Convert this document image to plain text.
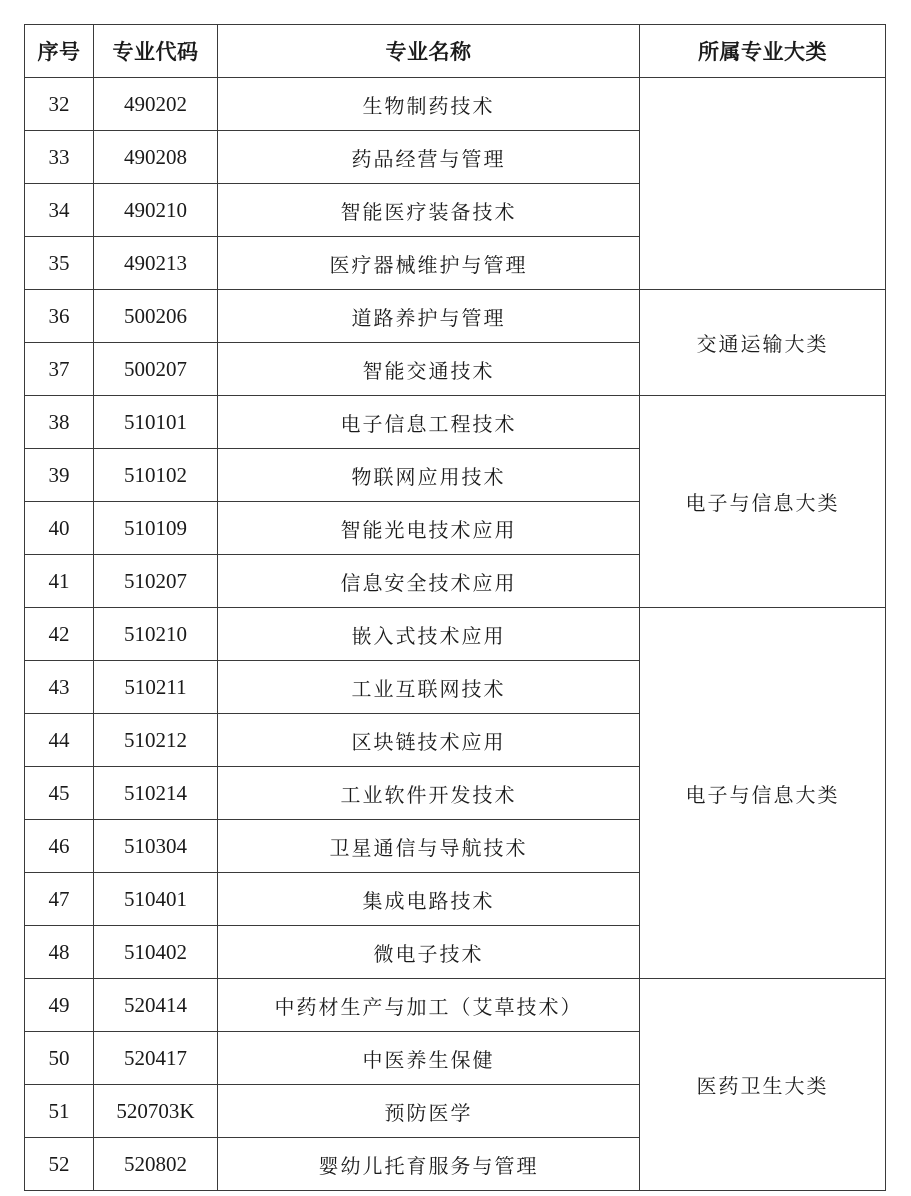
序号	专业代码	专业名称	所属专业大类
32	490202	生物制药技术	
33	490208	药品经营与管理	
34	490210	智能医疗装备技术	
35	490213	医疗器械维护与管理	
36	500206	道路养护与管理	交通运输大类
37	500207	智能交通技术	
38	510101	电子信息工程技术	电子与信息大类
39	510102	物联网应用技术	
40	510109	智能光电技术应用	
41	510207	信息安全技术应用	
42	510210	嵌入式技术应用	电子与信息大类
43	510211	工业互联网技术	
44	510212	区块链技术应用	
45	510214	工业软件开发技术	
46	510304	卫星通信与导航技术	
47	510401	集成电路技术	
48	510402	微电子技术	
49	520414	中药材生产与加工（艾草技术）	医药卫生大类
50	520417	中医养生保健	
51	520703K	预防医学	
52	520802	婴幼儿托育服务与管理	
